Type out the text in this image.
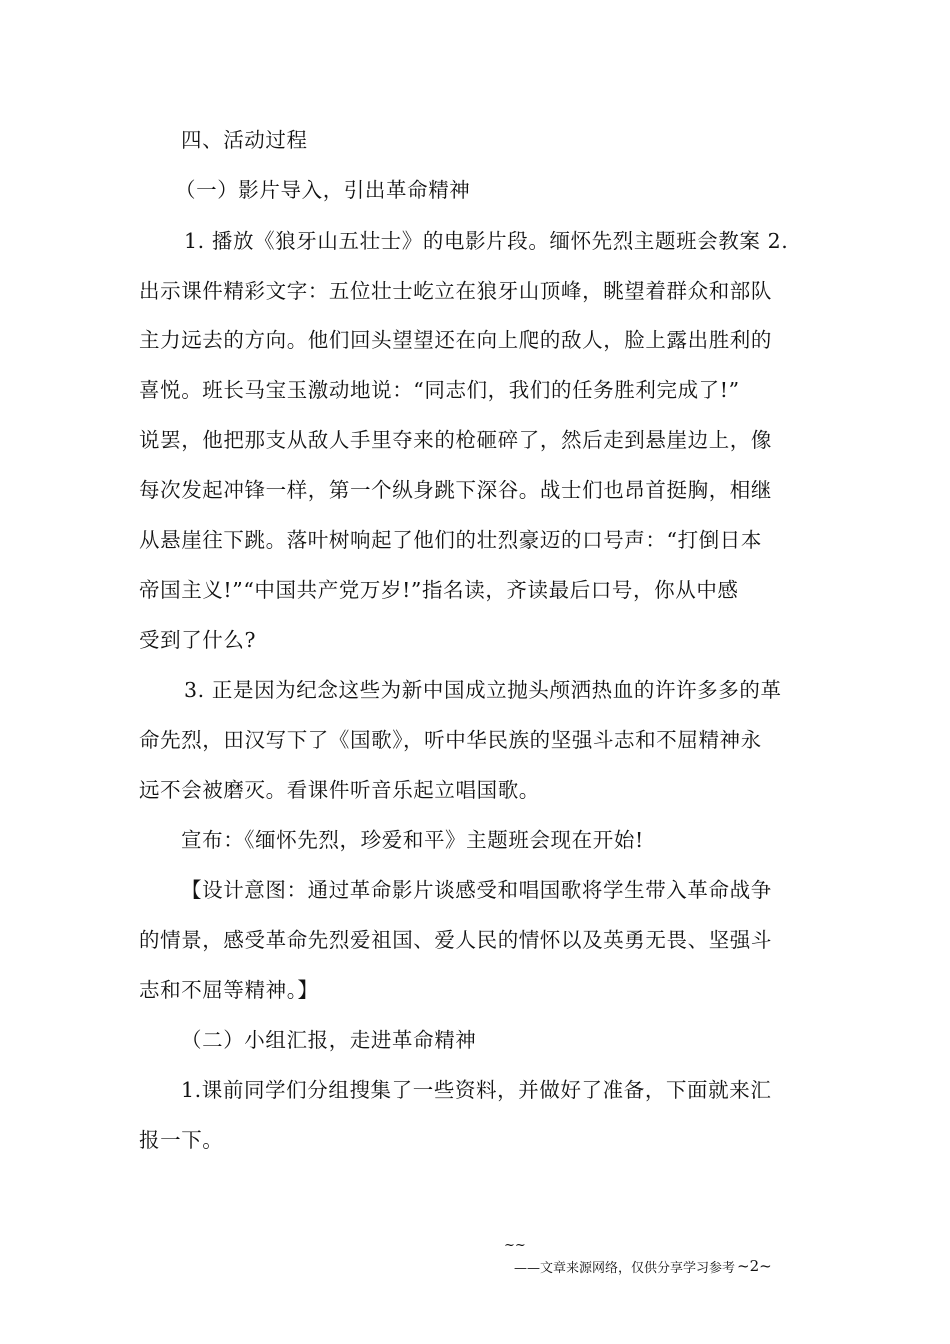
四、活动过程
（一）影片导入，引出革命精神
1. 播放《狼牙山五壮士》的电影片段。缅怀先烈主题班会教案 2.
出示课件精彩文字：五位壮士屹立在狼牙山顶峰，眺望着群众和部队
主力远去的方向。他们回头望望还在向上爬的敌人，脸上露出胜利的
喜悦。班长马宝玉激动地说：“同志们，我们的任务胜利完成了!”
说罢，他把那支从敌人手里夺来的枪砸碎了，然后走到悬崖边上，像
每次发起冲锋一样，第一个纵身跳下深谷。战士们也昂首挺胸，相继
从悬崖往下跳。落叶树响起了他们的壮烈豪迈的口号声：“打倒日本
帝国主义!”“中国共产党万岁!”指名读，齐读最后口号，你从中感
受到了什么?
3. 正是因为纪念这些为新中国成立抛头颅洒热血的许许多多的革
命先烈，田汉写下了《国歌》，听中华民族的坚强斗志和不屈精神永
远不会被磨灭。看课件听音乐起立唱国歌。
宣布：《缅怀先烈，珍爱和平》主题班会现在开始!
【设计意图：通过革命影片谈感受和唱国歌将学生带入革命战争
的情景，感受革命先烈爱祖国、爱人民的情怀以及英勇无畏、坚强斗
志和不屈等精神。】
（二）小组汇报，走进革命精神
1.课前同学们分组搜集了一些资料，并做好了准备，下面就来汇
报一下。
~~
——文章来源网络，仅供分享学习参考 ~2~
